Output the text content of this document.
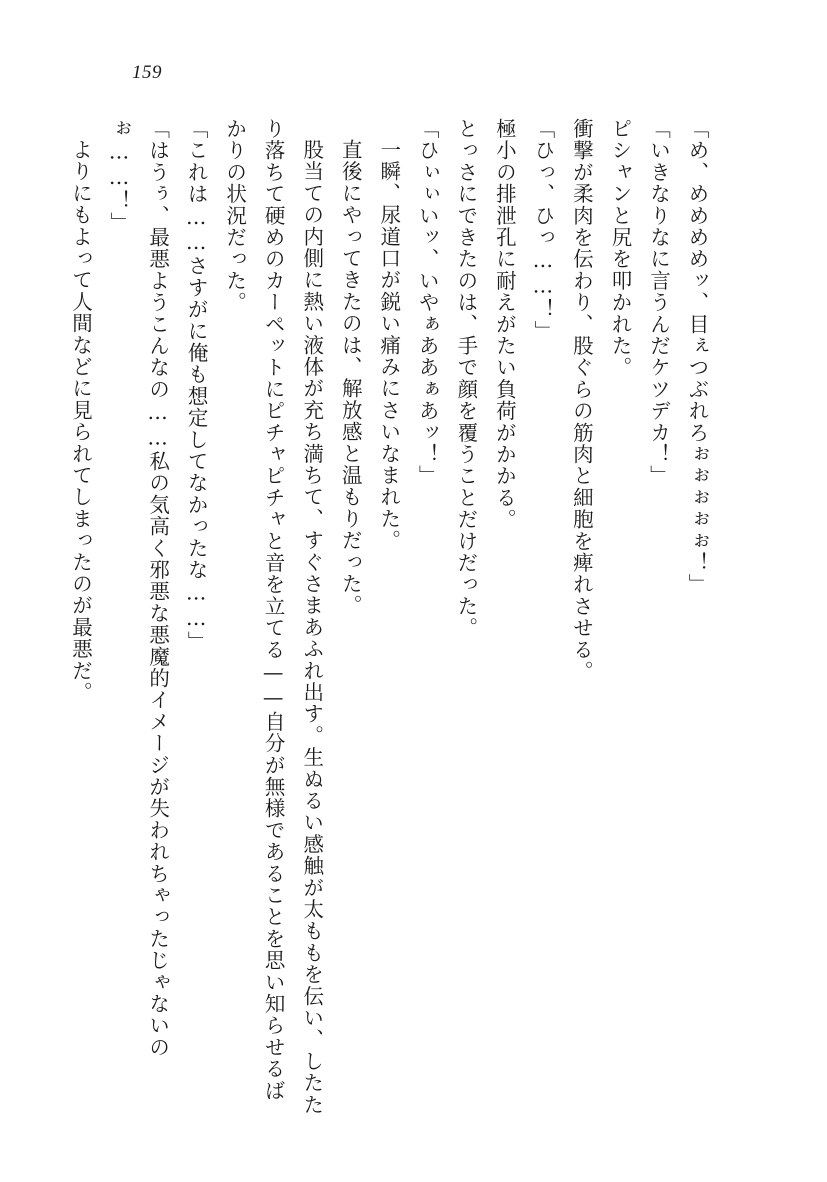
159

「め、めめめめッ、目ぇつぶれろぉぉぉぉぉ！」

「いきなりなに言うんだケツデカ！」

ピシャンと尻を叩かれた。

衝撃が柔肉を伝わり、股ぐらの筋肉と細胞を痺れさせる。

「ひっ、ひっ……！」

極小の排泄孔に耐えがたい負荷がかかる。

とっさにできたのは、手で顔を覆うことだけだった。

「ひぃぃいッ、いやぁああぁあッ！」

一瞬、尿道口が鋭い痛みにさいなまれた。

直後にやってきたのは、解放感と温もりだった。

股当ての内側に熱い液体が充ち満ちて、すぐさまあふれ出す。生ぬるい感触が太ももを伝い、したたり落ちて硬めのカーペットにピチャピチャと音を立てる——自分が無様であることを思い知らせるばかりの状況だった。

「これは……さすがに俺も想定してなかったな……」

「はうぅ、最悪ようこんなの……私の気高く邪悪な悪魔的イメージが失われちゃったじゃないのぉ……！」

よりにもよって人間などに見られてしまったのが最悪だ。
